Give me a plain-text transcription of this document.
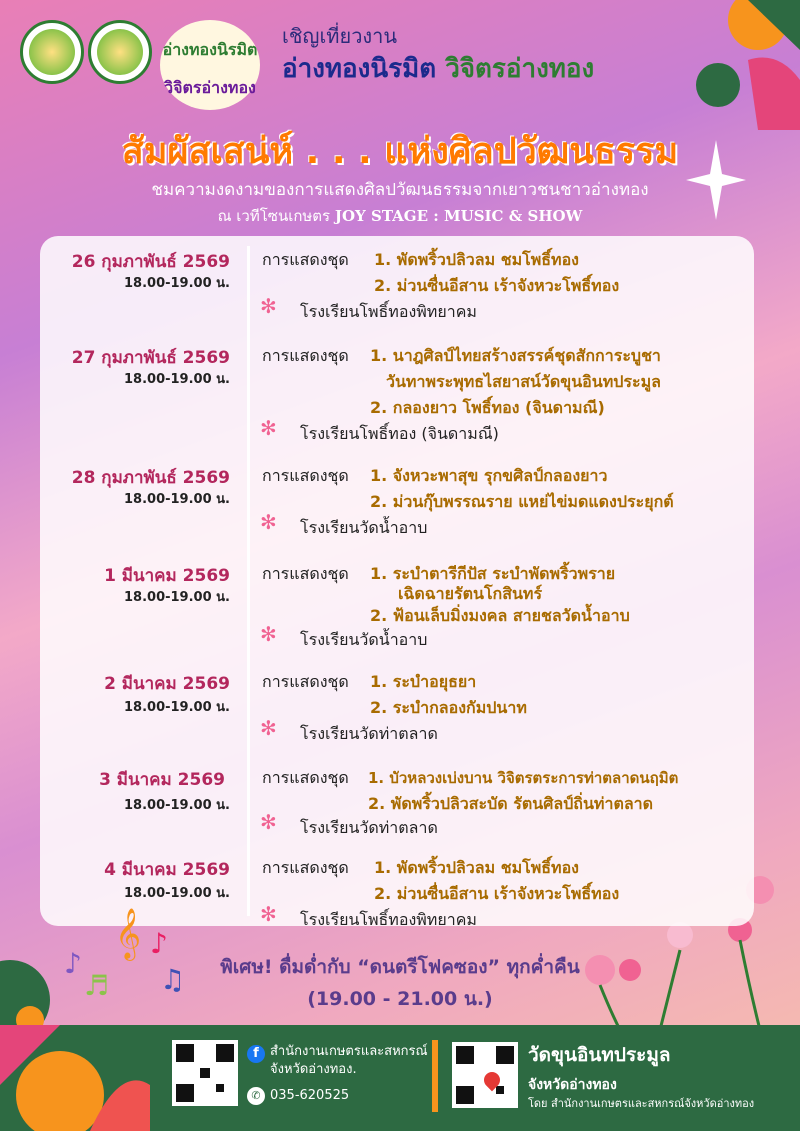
อ่างทองนิรมิต
วิจิตรอ่างทอง
เชิญเที่ยวงาน
อ่างทองนิรมิต วิจิตรอ่างทอง
สัมผัสเสน่ห์ . . . แห่งศิลปวัฒนธรรม
ชมความงดงามของการแสดงศิลปวัฒนธรรมจากเยาวชนชาวอ่างทอง
ณ เวทีโซนเกษตร JOY STAGE : MUSIC & SHOW
26 กุมภาพันธ์ 2569
18.00-19.00 น.
การแสดงชุด 1. พัดพริ้วปลิวลม ชมโพธิ์ทอง
2. ม่วนซื่นอีสาน เร้าจังหวะโพธิ์ทอง
✻ โรงเรียนโพธิ์ทองพิทยาคม
27 กุมภาพันธ์ 2569
18.00-19.00 น.
การแสดงชุด 1. นาฎศิลป์ไทยสร้างสรรค์ชุดสักการะบูชา
วันทาพระพุทธไสยาสน์วัดขุนอินทประมูล
2. กลองยาว โพธิ์ทอง (จินดามณี)
✻ โรงเรียนโพธิ์ทอง (จินดามณี)
28 กุมภาพันธ์ 2569
18.00-19.00 น.
การแสดงชุด 1. จังหวะพาสุข รุกขศิลป์กลองยาว
2. ม่วนกุ๊บพรรณราย แหย่ไข่มดแดงประยุกต์
✻ โรงเรียนวัดน้ำอาบ
1 มีนาคม 2569
18.00-19.00 น.
การแสดงชุด 1. ระบำตารีกีปัส ระบำพัดพริ้วพราย
เฉิดฉายรัตนโกสินทร์
2. ฟ้อนเล็บมิ่งมงคล สายชลวัดน้ำอาบ
✻ โรงเรียนวัดน้ำอาบ
2 มีนาคม 2569
18.00-19.00 น.
การแสดงชุด 1. ระบำอยุธยา
2. ระบำกลองกัมปนาท
✻ โรงเรียนวัดท่าตลาด
3 มีนาคม 2569
18.00-19.00 น.
การแสดงชุด 1. บัวหลวงเบ่งบาน วิจิตรตระการท่าตลาดนฤมิต
2. พัดพริ้วปลิวสะบัด รัตนศิลป์ถิ่นท่าตลาด
✻ โรงเรียนวัดท่าตลาด
4 มีนาคม 2569
18.00-19.00 น.
การแสดงชุด 1. พัดพริ้วปลิวลม ชมโพธิ์ทอง
2. ม่วนซื่นอีสาน เร้าจังหวะโพธิ์ทอง
✻ โรงเรียนโพธิ์ทองพิทยาคม
𝄞
♪
♪
♬ ♫	พิเศษ! ดื่มด่ำกับ “ดนตรีโฟคซอง” ทุกค่ำคืน
(19.00 - 21.00 น.)
f สำนักงานเกษตรและสหกรณ์
จังหวัดอ่างทอง.
✆ 035-620525
วัดขุนอินทประมูล
จังหวัดอ่างทอง
โดย สำนักงานเกษตรและสหกรณ์จังหวัดอ่างทอง
